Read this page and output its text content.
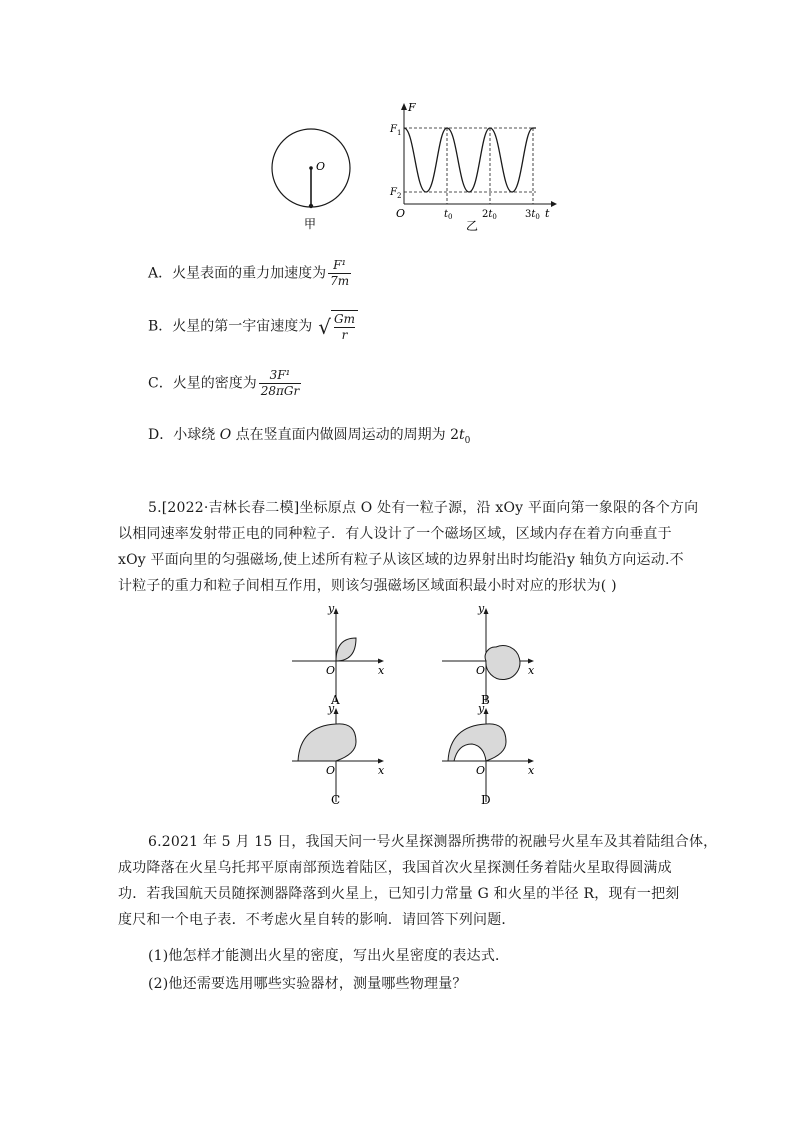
O
甲
F
t
O
$F_1$
$F_2$
$t_0$	$2t_0$	$3t_0$
乙
A．火星表面的重力加速度为 $\frac{\text{F¹}}{7m}$
B．火星的第一宇宙速度为 √ $\frac{Gm}{r}$
C．火星的密度为 $\frac{\text{3F¹}}{\text{28πGr}}$
D．小球绕 O 点在竖直面内做圆周运动的周期为 $2t_0$
5.[2022·吉林长春二模]坐标原点 O 处有一粒子源，沿 xOy 平面向第一象限的各个方向
以相同速率发射带正电的同种粒子．有人设计了一个磁场区域，区域内存在着方向垂直于
xOy 平面向里的匀强磁场,使上述所有粒子从该区域的边界射出时均能沿y 轴负方向运动.不
计粒子的重力和粒子间相互作用，则该匀强磁场区域面积最小时对应的形状为( )
y
x
O
A
y
x
O
B
y
x
O
C
y
x
O
D
6.2021 年 5 月 15 日，我国天问一号火星探测器所携带的祝融号火星车及其着陆组合体，
成功降落在火星乌托邦平原南部预选着陆区，我国首次火星探测任务着陆火星取得圆满成
功．若我国航天员随探测器降落到火星上，已知引力常量 G 和火星的半径 R，现有一把刻
度尺和一个电子表．不考虑火星自转的影响．请回答下列问题．
(1)他怎样才能测出火星的密度，写出火星密度的表达式．
(2)他还需要选用哪些实验器材，测量哪些物理量？
